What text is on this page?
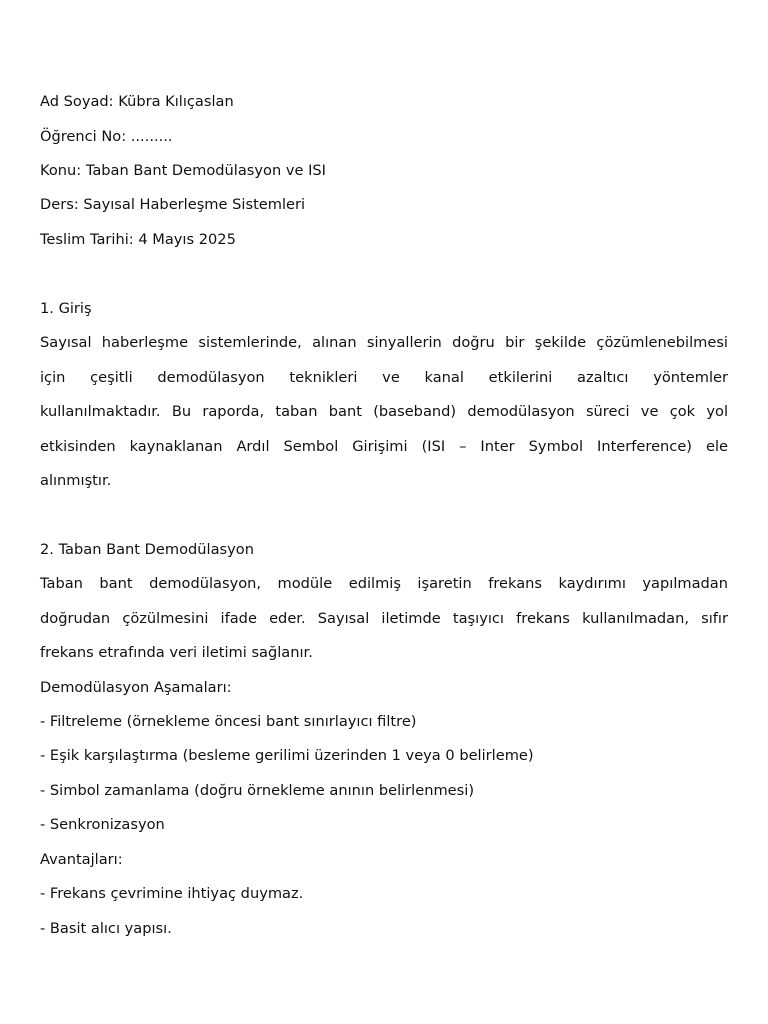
Ad Soyad: Kübra Kılıçaslan
Öğrenci No: .........
Konu: Taban Bant Demodülasyon ve ISI
Ders: Sayısal Haberleşme Sistemleri
Teslim Tarihi: 4 Mayıs 2025
1. Giriş
Sayısal haberleşme sistemlerinde, alınan sinyallerin doğru bir şekilde çözümlenebilmesi
için çeşitli demodülasyon teknikleri ve kanal etkilerini azaltıcı yöntemler
kullanılmaktadır. Bu raporda, taban bant (baseband) demodülasyon süreci ve çok yol
etkisinden kaynaklanan Ardıl Sembol Girişimi (ISI – Inter Symbol Interference) ele
alınmıştır.
2. Taban Bant Demodülasyon
Taban bant demodülasyon, modüle edilmiş işaretin frekans kaydırımı yapılmadan
doğrudan çözülmesini ifade eder. Sayısal iletimde taşıyıcı frekans kullanılmadan, sıfır
frekans etrafında veri iletimi sağlanır.
Demodülasyon Aşamaları:
- Filtreleme (örnekleme öncesi bant sınırlayıcı filtre)
- Eşik karşılaştırma (besleme gerilimi üzerinden 1 veya 0 belirleme)
- Simbol zamanlama (doğru örnekleme anının belirlenmesi)
- Senkronizasyon
Avantajları:
- Frekans çevrimine ihtiyaç duymaz.
- Basit alıcı yapısı.
